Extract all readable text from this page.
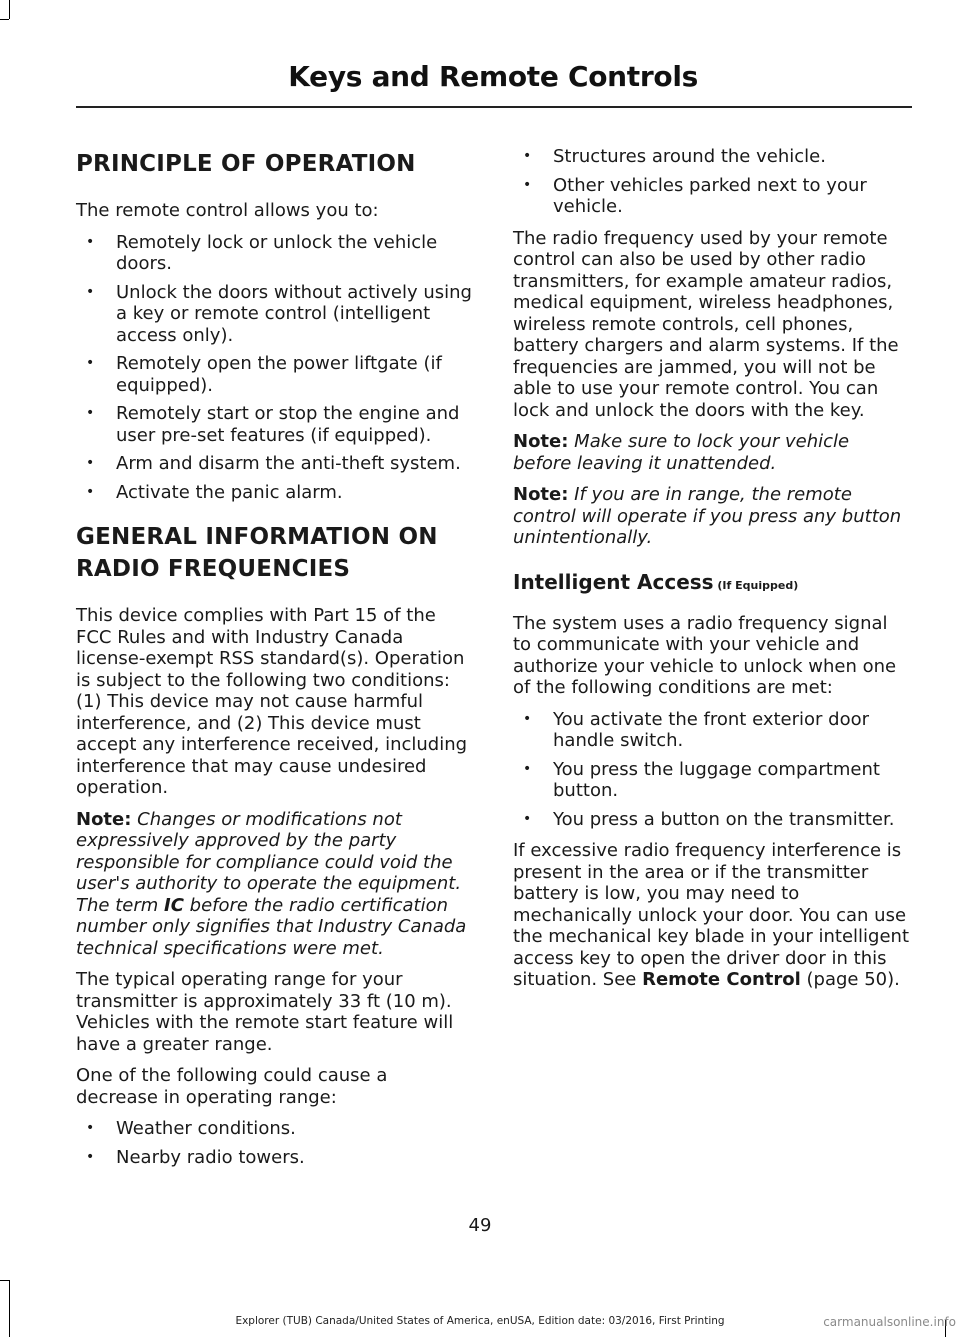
Keys and Remote Controls
PRINCIPLE OF OPERATION

The remote control allows you to:

• Remotely lock or unlock the vehicle doors.
• Unlock the doors without actively using a key or remote control (intelligent access only).
• Remotely open the power liftgate (if equipped).
• Remotely start or stop the engine and user pre-set features (if equipped).
• Arm and disarm the anti-theft system.
• Activate the panic alarm.
GENERAL INFORMATION ON
RADIO FREQUENCIES

This device complies with Part 15 of the FCC Rules and with Industry Canada license-exempt RSS standard(s). Operation is subject to the following two conditions: (1) This device may not cause harmful interference, and (2) This device must accept any interference received, including interference that may cause undesired operation.

Note: Changes or modifications not expressively approved by the party responsible for compliance could void the user's authority to operate the equipment. The term IC before the radio certification number only signifies that Industry Canada technical specifications were met.

The typical operating range for your transmitter is approximately 33 ft (10 m). Vehicles with the remote start feature will have a greater range.

One of the following could cause a decrease in operating range:

• Weather conditions.
• Nearby radio towers.
• Structures around the vehicle.
• Other vehicles parked next to your vehicle.

The radio frequency used by your remote control can also be used by other radio transmitters, for example amateur radios, medical equipment, wireless headphones, wireless remote controls, cell phones, battery chargers and alarm systems. If the frequencies are jammed, you will not be able to use your remote control. You can lock and unlock the doors with the key.

Note: Make sure to lock your vehicle before leaving it unattended.

Note: If you are in range, the remote control will operate if you press any button unintentionally.

Intelligent Access (If Equipped)

The system uses a radio frequency signal to communicate with your vehicle and authorize your vehicle to unlock when one of the following conditions are met:

• You activate the front exterior door handle switch.
• You press the luggage compartment button.
• You press a button on the transmitter.

If excessive radio frequency interference is present in the area or if the transmitter battery is low, you may need to mechanically unlock your door. You can use the mechanical key blade in your intelligent access key to open the driver door in this situation. See Remote Control (page 50).

49
Explorer (TUB) Canada/United States of America, enUSA, Edition date: 03/2016, First Printing	carmanualsonline.info
